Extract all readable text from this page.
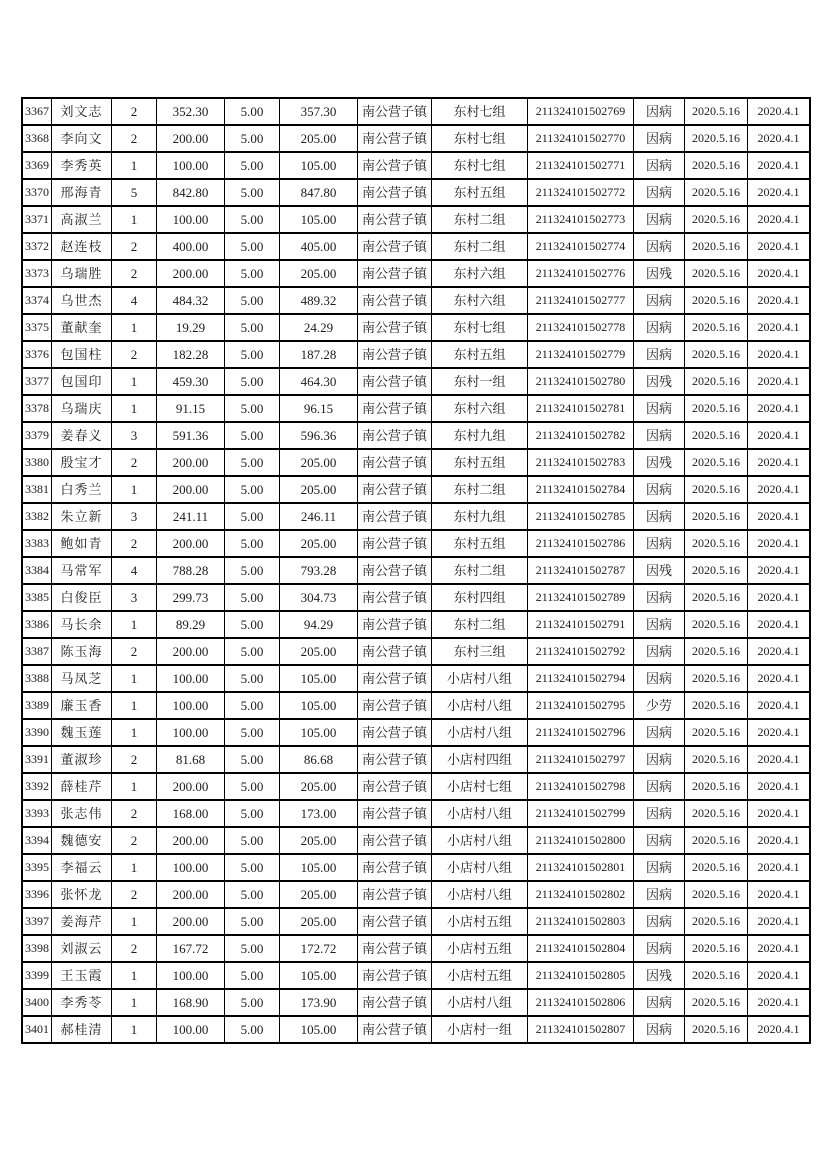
3367	刘文志	2	352.30	5.00	357.30	南公营子镇	东村七组	211324101502769	因病	2020.5.16	2020.4.1
3368	李向文	2	200.00	5.00	205.00	南公营子镇	东村七组	211324101502770	因病	2020.5.16	2020.4.1
3369	李秀英	1	100.00	5.00	105.00	南公营子镇	东村七组	211324101502771	因病	2020.5.16	2020.4.1
3370	邢海青	5	842.80	5.00	847.80	南公营子镇	东村五组	211324101502772	因病	2020.5.16	2020.4.1
3371	高淑兰	1	100.00	5.00	105.00	南公营子镇	东村二组	211324101502773	因病	2020.5.16	2020.4.1
3372	赵连枝	2	400.00	5.00	405.00	南公营子镇	东村二组	211324101502774	因病	2020.5.16	2020.4.1
3373	乌瑞胜	2	200.00	5.00	205.00	南公营子镇	东村六组	211324101502776	因残	2020.5.16	2020.4.1
3374	乌世杰	4	484.32	5.00	489.32	南公营子镇	东村六组	211324101502777	因病	2020.5.16	2020.4.1
3375	董献奎	1	19.29	5.00	24.29	南公营子镇	东村七组	211324101502778	因病	2020.5.16	2020.4.1
3376	包国柱	2	182.28	5.00	187.28	南公营子镇	东村五组	211324101502779	因病	2020.5.16	2020.4.1
3377	包国印	1	459.30	5.00	464.30	南公营子镇	东村一组	211324101502780	因残	2020.5.16	2020.4.1
3378	乌瑞庆	1	91.15	5.00	96.15	南公营子镇	东村六组	211324101502781	因病	2020.5.16	2020.4.1
3379	姜春义	3	591.36	5.00	596.36	南公营子镇	东村九组	211324101502782	因病	2020.5.16	2020.4.1
3380	殷宝才	2	200.00	5.00	205.00	南公营子镇	东村五组	211324101502783	因残	2020.5.16	2020.4.1
3381	白秀兰	1	200.00	5.00	205.00	南公营子镇	东村二组	211324101502784	因病	2020.5.16	2020.4.1
3382	朱立新	3	241.11	5.00	246.11	南公营子镇	东村九组	211324101502785	因病	2020.5.16	2020.4.1
3383	鲍如青	2	200.00	5.00	205.00	南公营子镇	东村五组	211324101502786	因病	2020.5.16	2020.4.1
3384	马常军	4	788.28	5.00	793.28	南公营子镇	东村二组	211324101502787	因残	2020.5.16	2020.4.1
3385	白俊臣	3	299.73	5.00	304.73	南公营子镇	东村四组	211324101502789	因病	2020.5.16	2020.4.1
3386	马长余	1	89.29	5.00	94.29	南公营子镇	东村二组	211324101502791	因病	2020.5.16	2020.4.1
3387	陈玉海	2	200.00	5.00	205.00	南公营子镇	东村三组	211324101502792	因病	2020.5.16	2020.4.1
3388	马凤芝	1	100.00	5.00	105.00	南公营子镇	小店村八组	211324101502794	因病	2020.5.16	2020.4.1
3389	廉玉香	1	100.00	5.00	105.00	南公营子镇	小店村八组	211324101502795	少劳	2020.5.16	2020.4.1
3390	魏玉莲	1	100.00	5.00	105.00	南公营子镇	小店村八组	211324101502796	因病	2020.5.16	2020.4.1
3391	董淑珍	2	81.68	5.00	86.68	南公营子镇	小店村四组	211324101502797	因病	2020.5.16	2020.4.1
3392	薛桂芹	1	200.00	5.00	205.00	南公营子镇	小店村七组	211324101502798	因病	2020.5.16	2020.4.1
3393	张志伟	2	168.00	5.00	173.00	南公营子镇	小店村八组	211324101502799	因病	2020.5.16	2020.4.1
3394	魏德安	2	200.00	5.00	205.00	南公营子镇	小店村八组	211324101502800	因病	2020.5.16	2020.4.1
3395	李福云	1	100.00	5.00	105.00	南公营子镇	小店村八组	211324101502801	因病	2020.5.16	2020.4.1
3396	张怀龙	2	200.00	5.00	205.00	南公营子镇	小店村八组	211324101502802	因病	2020.5.16	2020.4.1
3397	姜海芹	1	200.00	5.00	205.00	南公营子镇	小店村五组	211324101502803	因病	2020.5.16	2020.4.1
3398	刘淑云	2	167.72	5.00	172.72	南公营子镇	小店村五组	211324101502804	因病	2020.5.16	2020.4.1
3399	王玉霞	1	100.00	5.00	105.00	南公营子镇	小店村五组	211324101502805	因残	2020.5.16	2020.4.1
3400	李秀苓	1	168.90	5.00	173.90	南公营子镇	小店村八组	211324101502806	因病	2020.5.16	2020.4.1
3401	郝桂清	1	100.00	5.00	105.00	南公营子镇	小店村一组	211324101502807	因病	2020.5.16	2020.4.1
